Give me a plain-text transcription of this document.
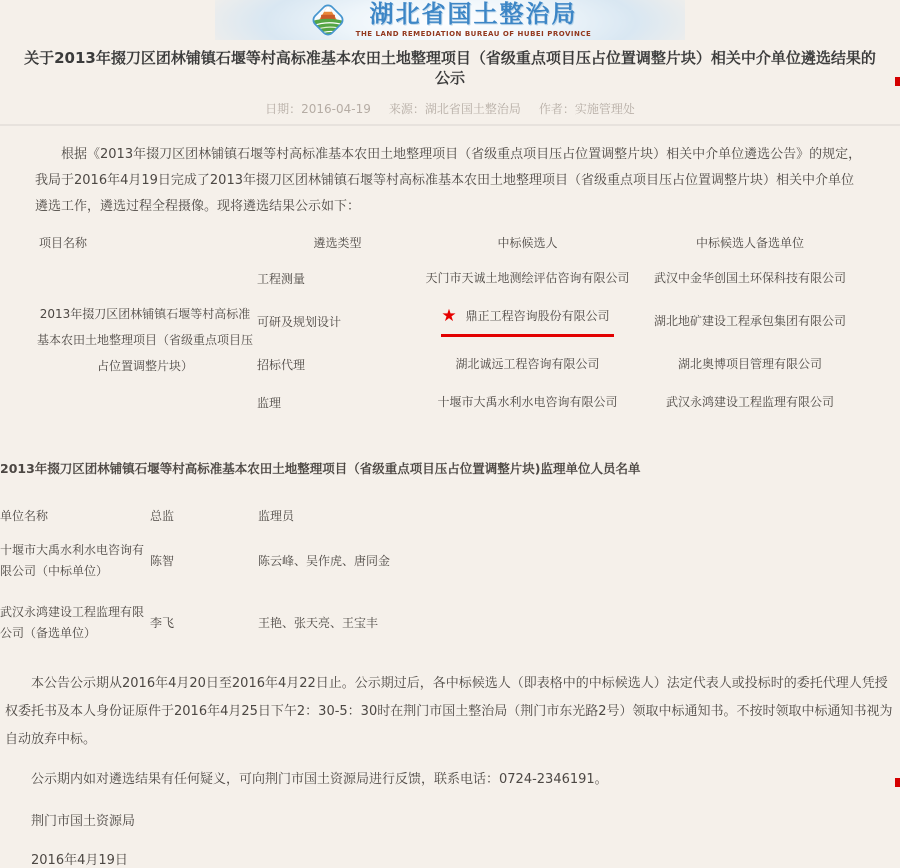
湖北省国土整治局
THE LAND REMEDIATION BUREAU OF HUBEI PROVINCE
关于2013年掇刀区团林铺镇石堰等村高标准基本农田土地整理项目（省级重点项目压占位置调整片块）相关中介单位遴选结果的公示
日期：2016-04-19 来源：湖北省国土整治局 作者：实施管理处

根据《2013年掇刀区团林铺镇石堰等村高标准基本农田土地整理项目（省级重点项目压占位置调整片块）相关中介单位遴选公告》的规定，我局于2016年4月19日完成了2013年掇刀区团林铺镇石堰等村高标准基本农田土地整理项目（省级重点项目压占位置调整片块）相关中介单位遴选工作，遴选过程全程摄像。现将遴选结果公示如下：

项目名称	遴选类型	中标候选人	中标候选人备选单位
2013年掇刀区团林铺镇石堰等村高标准基本农田土地整理项目（省级重点项目压占位置调整片块）	工程测量	天门市天诚土地测绘评估咨询有限公司	武汉中金华创国土环保科技有限公司
	可研及规划设计	★ 鼎正工程咨询股份有限公司	湖北地矿建设工程承包集团有限公司
	招标代理	湖北诚远工程咨询有限公司	湖北奥博项目管理有限公司
	监理	十堰市大禹水利水电咨询有限公司	武汉永鸿建设工程监理有限公司
2013年掇刀区团林铺镇石堰等村高标准基本农田土地整理项目（省级重点项目压占位置调整片块)监理单位人员名单
单位名称	总监	监理员
十堰市大禹水利水电咨询有限公司（中标单位）	陈智	陈云峰、吴作虎、唐同金
武汉永鸿建设工程监理有限公司（备选单位）	李飞	王艳、张天亮、王宝丰

本公告公示期从2016年4月20日至2016年4月22日止。公示期过后，各中标候选人（即表格中的中标候选人）法定代表人或投标时的委托代理人凭授权委托书及本人身份证原件于2016年4月25日下午2：30-5：30时在荆门市国土整治局（荆门市东光路2号）领取中标通知书。不按时领取中标通知书视为自动放弃中标。

公示期内如对遴选结果有任何疑义，可向荆门市国土资源局进行反馈，联系电话：0724-2346191。

荆门市国土资源局

2016年4月19日
